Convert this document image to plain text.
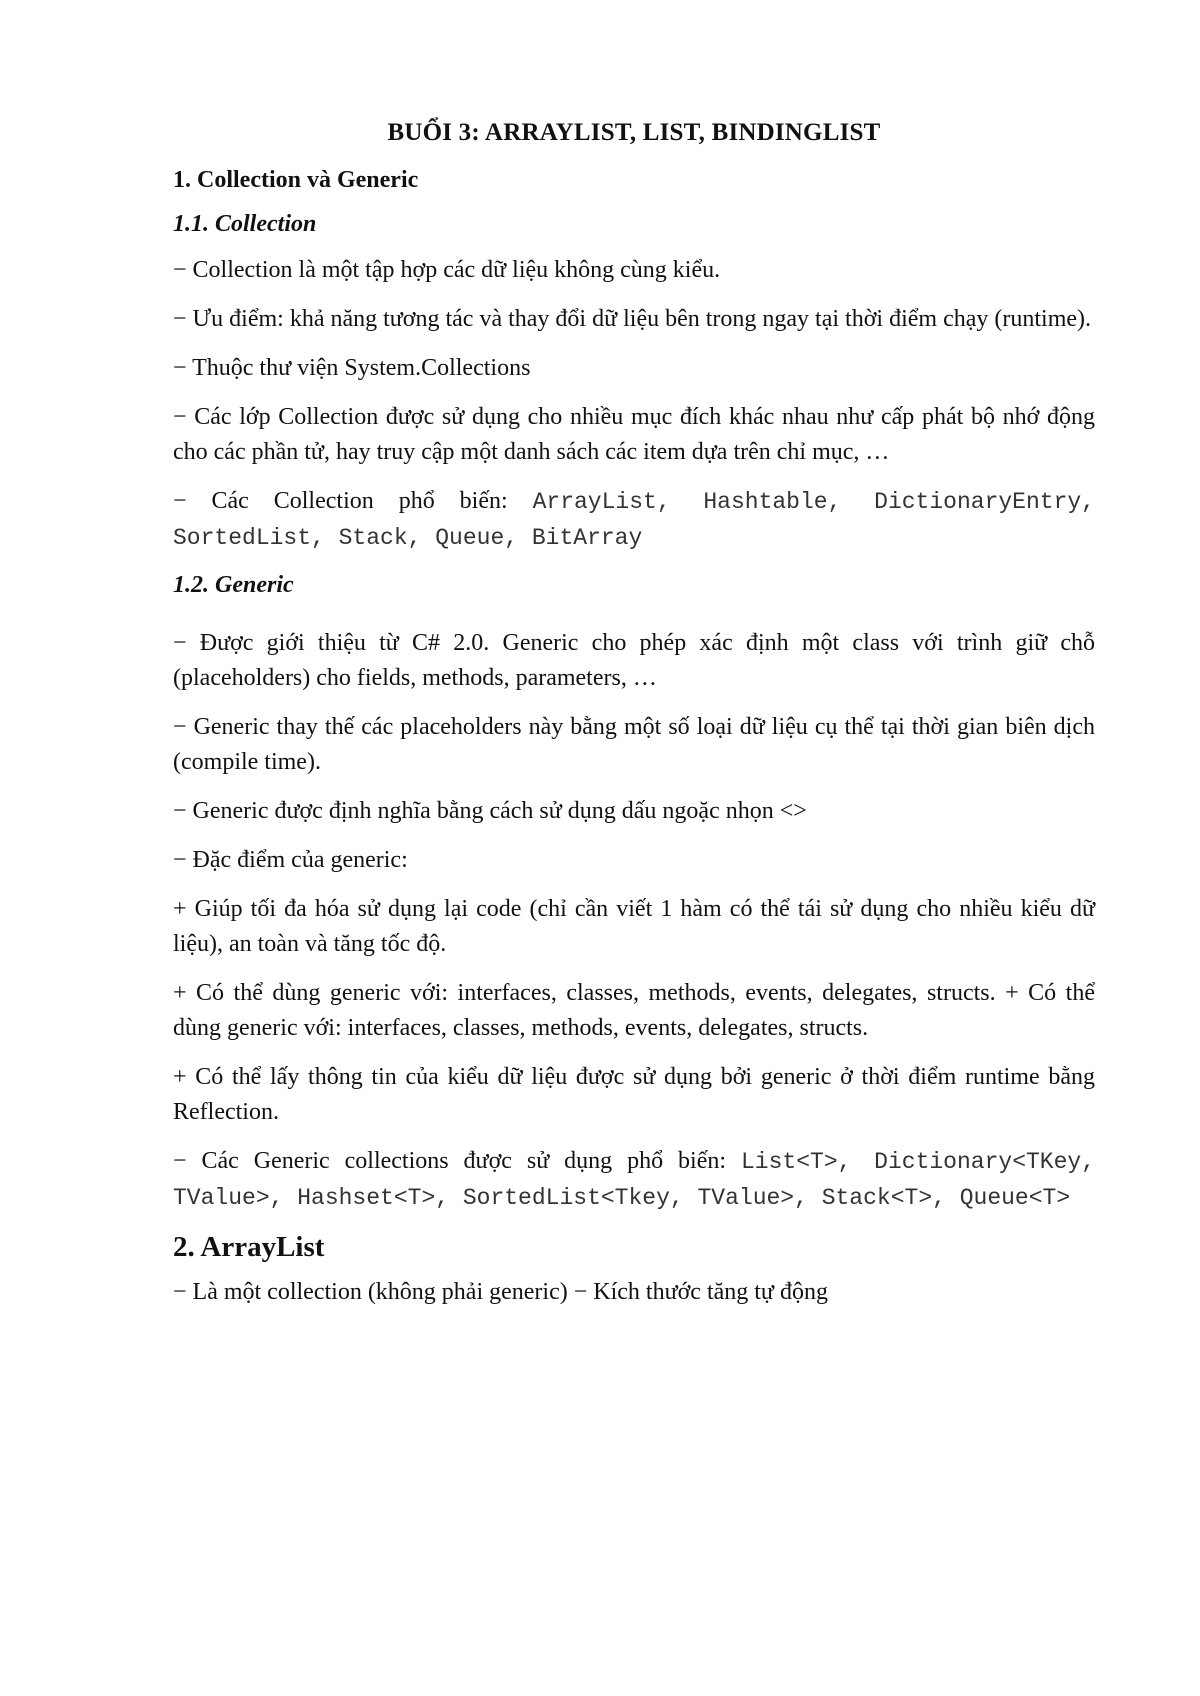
BUỔI 3: ARRAYLIST, LIST, BINDINGLIST
1. Collection và Generic
1.1. Collection
− Collection là một tập hợp các dữ liệu không cùng kiểu.
− Ưu điểm: khả năng tương tác và thay đổi dữ liệu bên trong ngay tại thời điểm chạy (runtime).
− Thuộc thư viện System.Collections
− Các lớp Collection được sử dụng cho nhiều mục đích khác nhau như cấp phát bộ nhớ động cho các phần tử, hay truy cập một danh sách các item dựa trên chỉ mục, …
− Các Collection phổ biến: ArrayList, Hashtable, DictionaryEntry, SortedList, Stack, Queue, BitArray
1.2. Generic
− Được giới thiệu từ C# 2.0. Generic cho phép xác định một class với trình giữ chỗ (placeholders) cho fields, methods, parameters, …
− Generic thay thế các placeholders này bằng một số loại dữ liệu cụ thể tại thời gian biên dịch (compile time).
− Generic được định nghĩa bằng cách sử dụng dấu ngoặc nhọn <>
− Đặc điểm của generic:
+ Giúp tối đa hóa sử dụng lại code (chỉ cần viết 1 hàm có thể tái sử dụng cho nhiều kiểu dữ liệu), an toàn và tăng tốc độ.
+ Có thể dùng generic với: interfaces, classes, methods, events, delegates, structs. + Có thể dùng generic với: interfaces, classes, methods, events, delegates, structs.
+ Có thể lấy thông tin của kiểu dữ liệu được sử dụng bởi generic ở thời điểm runtime bằng Reflection.
− Các Generic collections được sử dụng phổ biến: List<T>, Dictionary<TKey, TValue>, Hashset<T>, SortedList<Tkey, TValue>, Stack<T>, Queue<T>
2. ArrayList
− Là một collection (không phải generic) − Kích thước tăng tự động
